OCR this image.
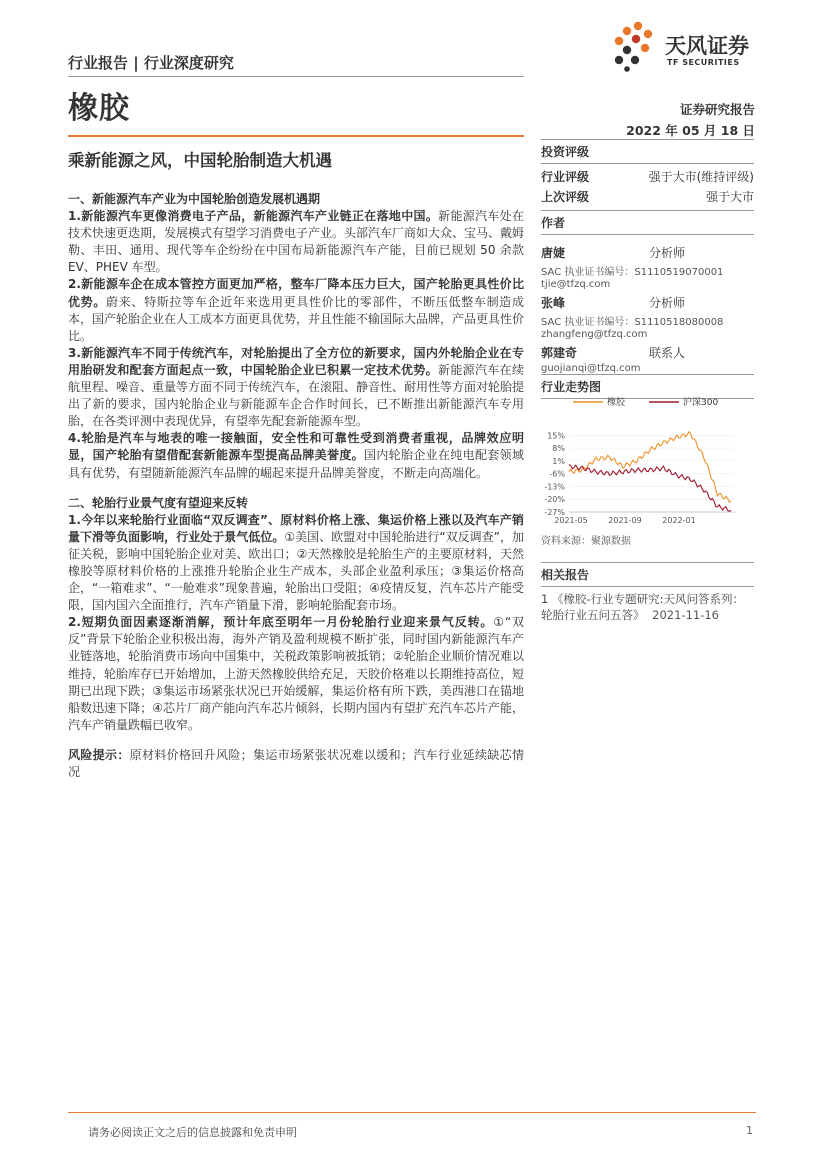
行业报告 | 行业深度研究
天风证券
TF SECURITIES
橡胶	证券研究报告
2022 年 05 月 18 日
乘新能源之风，中国轮胎制造大机遇

一、新能源汽车产业为中国轮胎创造发展机遇期

1.新能源汽车更像消费电子产品，新能源汽车产业链正在落地中国。新能源汽车处在技术快速更迭期，发展模式有望学习消费电子产业。头部汽车厂商如大众、宝马、戴姆勒、丰田、通用、现代等车企纷纷在中国布局新能源汽车产能，目前已规划 50 余款 EV、PHEV 车型。

2.新能源车企在成本管控方面更加严格，整车厂降本压力巨大，国产轮胎更具性价比优势。蔚来、特斯拉等车企近年来选用更具性价比的零部件，不断压低整车制造成本，国产轮胎企业在人工成本方面更具优势，并且性能不输国际大品牌，产品更具性价比。

3.新能源汽车不同于传统汽车，对轮胎提出了全方位的新要求，国内外轮胎企业在专用胎研发和配套方面起点一致，中国轮胎企业已积累一定技术优势。新能源汽车在续航里程、噪音、重量等方面不同于传统汽车，在滚阻、静音性、耐用性等方面对轮胎提出了新的要求，国内轮胎企业与新能源车企合作时间长，已不断推出新能源汽车专用胎，在各类评测中表现优异，有望率先配套新能源车型。

4.轮胎是汽车与地表的唯一接触面，安全性和可靠性受到消费者重视，品牌效应明显，国产轮胎有望借配套新能源车型提高品牌美誉度。国内轮胎企业在纯电配套领域具有优势，有望随新能源汽车品牌的崛起来提升品牌美誉度，不断走向高端化。

二、轮胎行业景气度有望迎来反转

1.今年以来轮胎行业面临“双反调查”、原材料价格上涨、集运价格上涨以及汽车产销量下滑等负面影响，行业处于景气低位。①美国、欧盟对中国轮胎进行“双反调查”，加征关税，影响中国轮胎企业对美、欧出口；②天然橡胶是轮胎生产的主要原材料，天然橡胶等原材料价格的上涨推升轮胎企业生产成本，头部企业盈利承压；③集运价格高企，“一箱难求”、“一舱难求”现象普遍，轮胎出口受阻；④疫情反复，汽车芯片产能受限，国内国六全面推行，汽车产销量下滑，影响轮胎配套市场。

2.短期负面因素逐渐消解，预计年底至明年一月份轮胎行业迎来景气反转。①“双反”背景下轮胎企业积极出海，海外产销及盈利规模不断扩张，同时国内新能源汽车产业链落地，轮胎消费市场向中国集中，关税政策影响被抵销；②轮胎企业顺价情况难以维持，轮胎库存已开始增加，上游天然橡胶供给充足，天胶价格难以长期维持高位，短期已出现下跌；③集运市场紧张状况已开始缓解，集运价格有所下跌，美西港口在锚地船数迅速下降；④芯片厂商产能向汽车芯片倾斜，长期内国内有望扩充汽车芯片产能，汽车产销量跌幅已收窄。

风险提示：原材料价格回升风险；集运市场紧张状况难以缓和；汽车行业延续缺芯情况

投资评级
行业评级	强于大市(维持评级)
上次评级	强于大市
作者
唐婕	分析师
SAC 执业证书编号：S1110519070001
tjie@tfzq.com
张峰	分析师
SAC 执业证书编号：S1110518080008
zhangfeng@tfzq.com
郭建奇	联系人
guojianqi@tfzq.com
行业走势图
橡胶	沪深300
15%
8%
1%
-6%
-13%
-20%
-27%
2021-05	2021-09	2022-01
资料来源：聚源数据
相关报告
1 《橡胶-行业专题研究:天风问答系列：轮胎行业五问五答》 2021-11-16
请务必阅读正文之后的信息披露和免责申明	1
